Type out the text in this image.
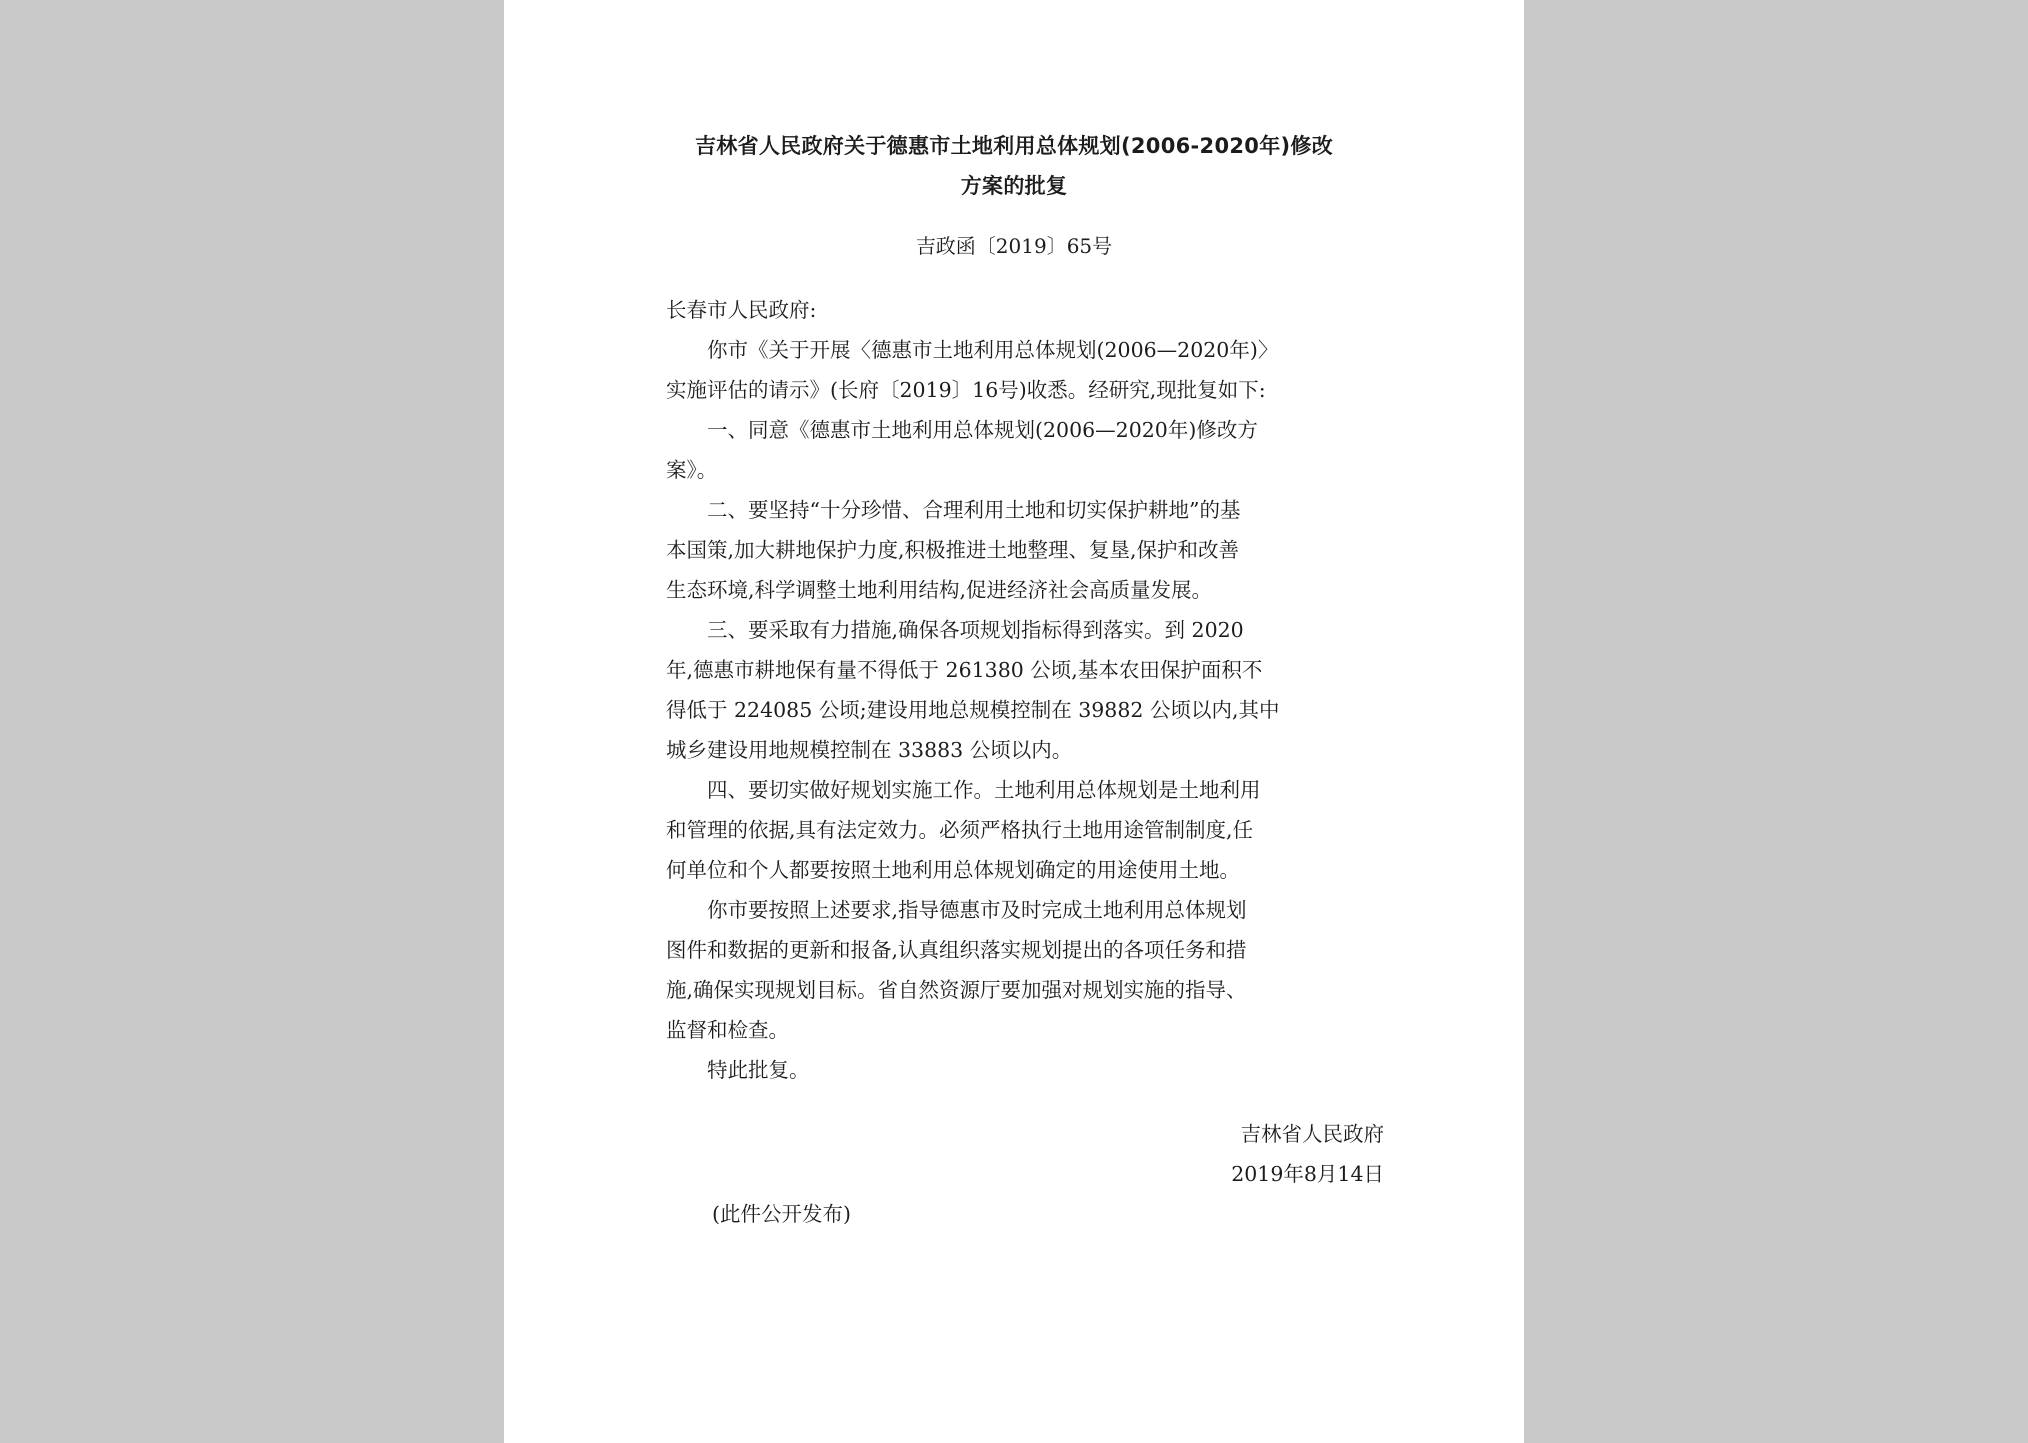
吉林省人民政府关于德惠市土地利用总体规划(2006-2020年)修改
方案的批复
吉政函〔2019〕65号
长春市人民政府:
　　你市《关于开展〈德惠市土地利用总体规划(2006—2020年)〉
实施评估的请示》(长府〔2019〕16号)收悉。经研究,现批复如下:
　　一、同意《德惠市土地利用总体规划(2006—2020年)修改方
案》。
　　二、要坚持“十分珍惜、合理利用土地和切实保护耕地”的基
本国策,加大耕地保护力度,积极推进土地整理、复垦,保护和改善
生态环境,科学调整土地利用结构,促进经济社会高质量发展。
　　三、要采取有力措施,确保各项规划指标得到落实。到 2020
年,德惠市耕地保有量不得低于 261380 公顷,基本农田保护面积不
得低于 224085 公顷;建设用地总规模控制在 39882 公顷以内,其中
城乡建设用地规模控制在 33883 公顷以内。
　　四、要切实做好规划实施工作。土地利用总体规划是土地利用
和管理的依据,具有法定效力。必须严格执行土地用途管制制度,任
何单位和个人都要按照土地利用总体规划确定的用途使用土地。
　　你市要按照上述要求,指导德惠市及时完成土地利用总体规划
图件和数据的更新和报备,认真组织落实规划提出的各项任务和措
施,确保实现规划目标。省自然资源厅要加强对规划实施的指导、
监督和检查。
　　特此批复。
吉林省人民政府
2019年8月14日
(此件公开发布)
